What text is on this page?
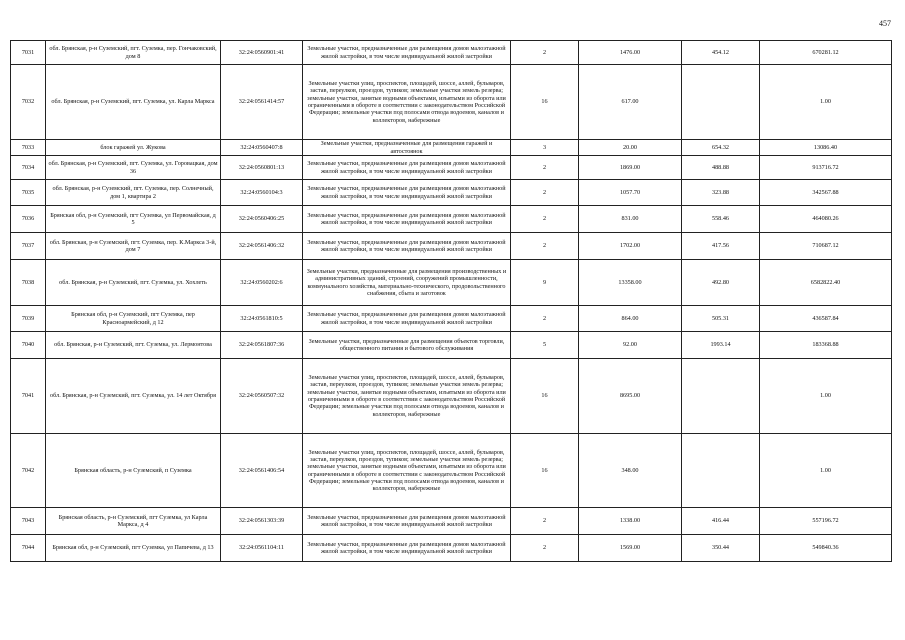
457
7031	обл. Брянская, р-н Суземский, пгт. Суземка, пер. Гончаковский, дом 8	32:24:0560901:41	Земельные участки, предназначенные для размещения домов малоэтажной жилой застройки, в том числе индивидуальной жилой застройки	2	1476.00	454.12	670281.12
7032	обл. Брянская, р-н Суземский, пгт. Суземка, ул. Карла Маркса	32:24:0561414:57	Земельные участки улиц, проспектов, площадей, шоссе, аллей, бульваров, застав, переулков, проездов, тупиков; земельные участки земель резерва; земельные участки, занятые водными объектами, изъятыми из оборота или ограниченными в обороте в соответствии с законодательством Российской Федерации; земельные участки под полосами отвода водоемов, каналов и коллекторов, набережные	16	617.00		1.00
7033	блок гаражей ул. Жукова	32:24:0560407:8	Земельные участки, предназначенные для размещения гаражей и автостоянок	3	20.00	654.32	13086.40
7034	обл. Брянская, р-н Суземский, пгт. Суземка, ул. Горовацкая, дом 36	32:24:0560801:13	Земельные участки, предназначенные для размещения домов малоэтажной жилой застройки, в том числе индивидуальной жилой застройки	2	1869.00	488.88	913716.72
7035	обл. Брянская, р-н Суземский, пгт. Суземка, пер. Солнечный, дом 1, квартира 2	32:24:0560104:3	Земельные участки, предназначенные для размещения домов малоэтажной жилой застройки, в том числе индивидуальной жилой застройки	2	1057.70	323.88	342567.88
7036	Брянская обл, р-н Суземский, пгт Суземка, ул Первомайская, д 5	32:24:0560406:25	Земельные участки, предназначенные для размещения домов малоэтажной жилой застройки, в том числе индивидуальной жилой застройки	2	831.00	558.46	464080.26
7037	обл. Брянская, р-н Суземский, пгт. Суземка, пер. К.Маркса 3-й, дом 7	32:24:0561406:32	Земельные участки, предназначенные для размещения домов малоэтажной жилой застройки, в том числе индивидуальной жилой застройки	2	1702.00	417.56	710687.12
7038	обл. Брянская, р-н Суземский, пгт. Суземка, ул. Хохлеть	32:24:0560202:6	Земельные участки, предназначенные для размещения производственных и административных зданий, строений, сооружений промышленности, коммунального хозяйства, материально-технического, продовольственного снабжения, сбыта и заготовок	9	13358.00	492.80	6582822.40
7039	Брянская обл, р-н Суземский, пгт Суземка, пер Красноармейский, д 12	32:24:0561810:5	Земельные участки, предназначенные для размещения домов малоэтажной жилой застройки, в том числе индивидуальной жилой застройки	2	864.00	505.31	436587.84
7040	обл. Брянская, р-н Суземский, пгт. Суземка, ул. Лермонтова	32:24:0561807:36	Земельные участки, предназначенные для размещения объектов торговли, общественного питания и бытового обслуживания	5	92.00	1993.14	183368.88
7041	обл. Брянская, р-н Суземский, пгт. Суземка, ул. 14 лет Октября	32:24:0560507:32	Земельные участки улиц, проспектов, площадей, шоссе, аллей, бульваров, застав, переулков, проездов, тупиков; земельные участки земель резерва; земельные участки, занятые водными объектами, изъятыми из оборота или ограниченными в обороте в соответствии с законодательством Российской Федерации; земельные участки под полосами отвода водоемов, каналов и коллекторов, набережные	16	8695.00		1.00
7042	Брянская область, р-н Суземский, п Суземка	32:24:0561406:54	Земельные участки улиц, проспектов, площадей, шоссе, аллей, бульваров, застав, переулков, проездов, тупиков; земельные участки земель резерва; земельные участки, занятые водными объектами, изъятыми из оборота или ограниченными в обороте в соответствии с законодательством Российской Федерации; земельные участки под полосами отвода водоемов, каналов и коллекторов, набережные	16	348.00		1.00
7043	Брянская область, р-н Суземский, пгт Суземка, ул Карла Маркса, д 4	32:24:0561303:39	Земельные участки, предназначенные для размещения домов малоэтажной жилой застройки, в том числе индивидуальной жилой застройки	2	1338.00	416.44	557196.72
7044	Брянская обл, р-н Суземский, пгт Суземка, ул Папичева, д 13	32:24:0561104:11	Земельные участки, предназначенные для размещения домов малоэтажной жилой застройки, в том числе индивидуальной жилой застройки	2	1569.00	350.44	549840.36
